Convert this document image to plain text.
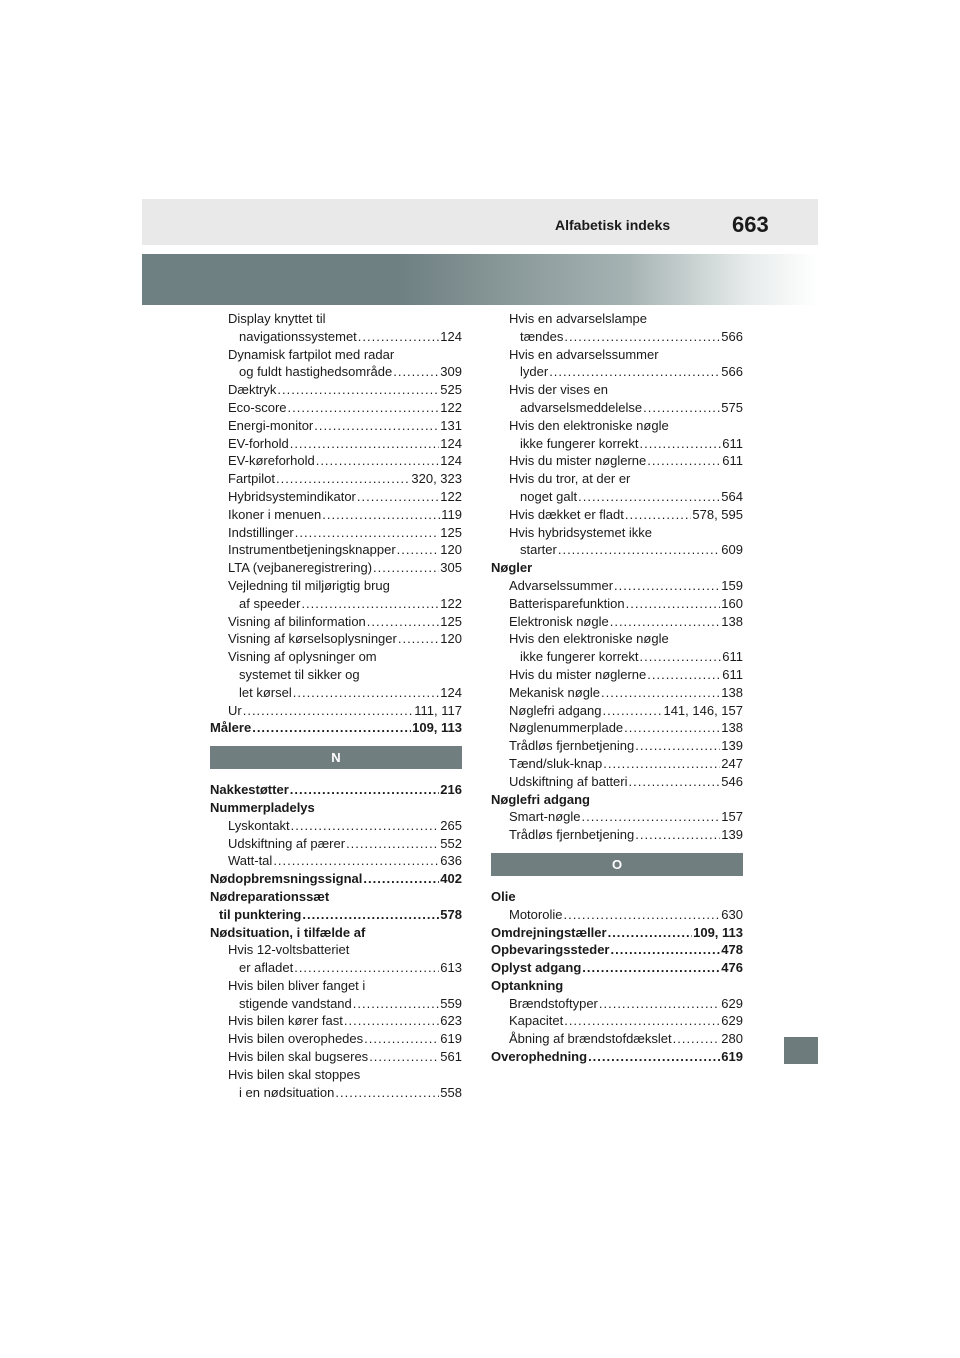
Alfabetisk indeks	663
Display knyttet til
navigationssystemet .....	124
Dynamisk fartpilot med radar
og fuldt hastighedsområde .....	309
Dæktryk .....	525
Eco-score .....	122
Energi-monitor .....	131
EV-forhold .....	124
EV-køreforhold .....	124
Fartpilot .....	320, 323
Hybridsystemindikator .....	122
Ikoner i menuen .....	119
Indstillinger .....	125
Instrumentbetjeningsknapper .....	120
LTA (vejbaneregistrering) .....	305
Vejledning til miljørigtig brug
af speeder .....	122
Visning af bilinformation .....	125
Visning af kørselsoplysninger .....	120
Visning af oplysninger om
systemet til sikker og
let kørsel .....	124
Ur .....	111, 117
Målere .....	109, 113
N
Nakkestøtter .....	216
Nummerpladelys
Lyskontakt .....	265
Udskiftning af pærer .....	552
Watt-tal .....	636
Nødopbremsningssignal .....	402
Nødreparationssæt
til punktering .....	578
Nødsituation, i tilfælde af
Hvis 12-voltsbatteriet
er afladet .....	613
Hvis bilen bliver fanget i
stigende vandstand .....	559
Hvis bilen kører fast .....	623
Hvis bilen overophedes .....	619
Hvis bilen skal bugseres .....	561
Hvis bilen skal stoppes
i en nødsituation .....	558
Hvis en advarselslampe
tændes .....	566
Hvis en advarselssummer
lyder .....	566
Hvis der vises en
advarselsmeddelelse .....	575
Hvis den elektroniske nøgle
ikke fungerer korrekt .....	611
Hvis du mister nøglerne .....	611
Hvis du tror, at der er
noget galt .....	564
Hvis dækket er fladt .....	578, 595
Hvis hybridsystemet ikke
starter .....	609
Nøgler
Advarselssummer .....	159
Batterisparefunktion .....	160
Elektronisk nøgle .....	138
Hvis den elektroniske nøgle
ikke fungerer korrekt .....	611
Hvis du mister nøglerne .....	611
Mekanisk nøgle .....	138
Nøglefri adgang .....	141, 146, 157
Nøglenummerplade .....	138
Trådløs fjernbetjening .....	139
Tænd/sluk-knap .....	247
Udskiftning af batteri .....	546
Nøglefri adgang
Smart-nøgle .....	157
Trådløs fjernbetjening .....	139
O
Olie
Motorolie .....	630
Omdrejningstæller .....	109, 113
Opbevaringssteder .....	478
Oplyst adgang .....	476
Optankning
Brændstoftyper .....	629
Kapacitet .....	629
Åbning af brændstofdækslet .....	280
Overophedning .....	619
